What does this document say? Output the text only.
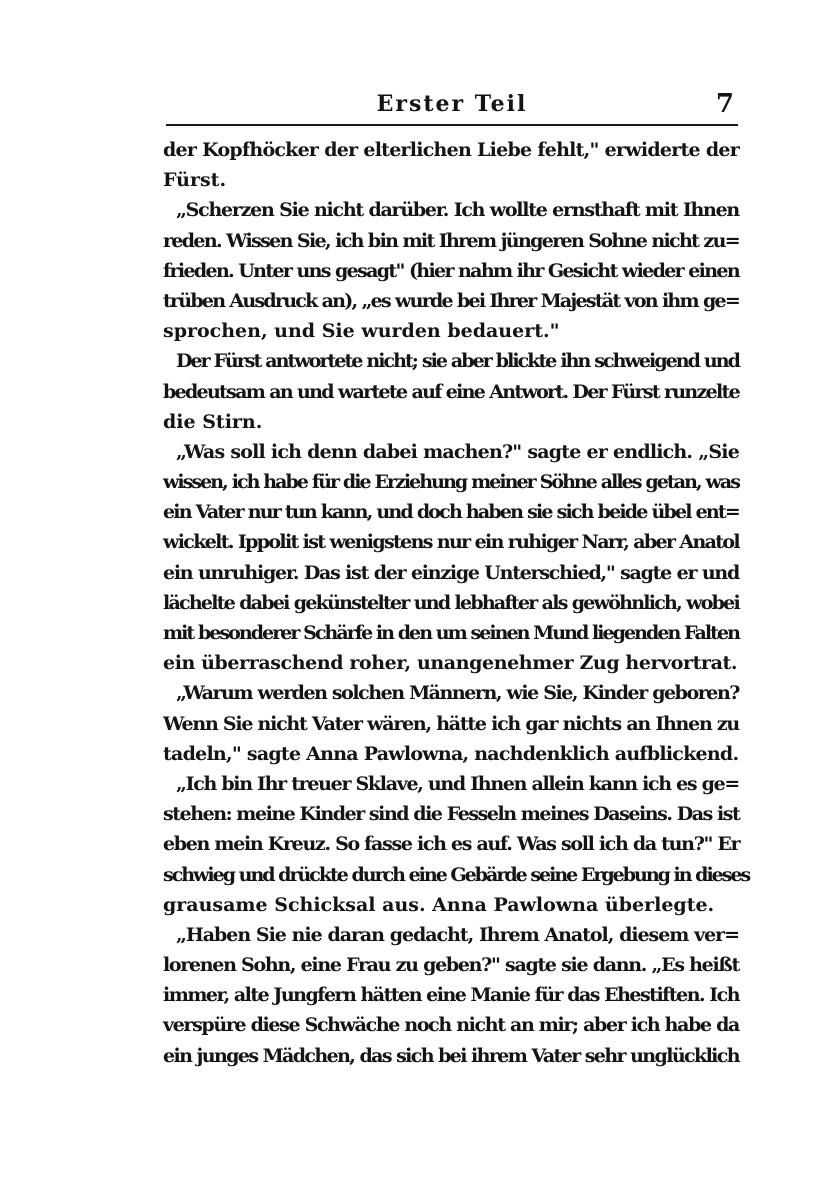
Erster Teil	7
der Kopfhöcker der elterlichen Liebe fehlt," erwiderte der
Fürst.
„Scherzen Sie nicht darüber. Ich wollte ernsthaft mit Ihnen
reden. Wissen Sie, ich bin mit Ihrem jüngeren Sohne nicht zu=
frieden. Unter uns gesagt" (hier nahm ihr Gesicht wieder einen
trüben Ausdruck an), „es wurde bei Ihrer Majestät von ihm ge=
sprochen, und Sie wurden bedauert."
Der Fürst antwortete nicht; sie aber blickte ihn schweigend und
bedeutsam an und wartete auf eine Antwort. Der Fürst runzelte
die Stirn.
„Was soll ich denn dabei machen?" sagte er endlich. „Sie
wissen, ich habe für die Erziehung meiner Söhne alles getan, was
ein Vater nur tun kann, und doch haben sie sich beide übel ent=
wickelt. Ippolit ist wenigstens nur ein ruhiger Narr, aber Anatol
ein unruhiger. Das ist der einzige Unterschied," sagte er und
lächelte dabei gekünstelter und lebhafter als gewöhnlich, wobei
mit besonderer Schärfe in den um seinen Mund liegenden Falten
ein überraschend roher, unangenehmer Zug hervortrat.
„Warum werden solchen Männern, wie Sie, Kinder geboren?
Wenn Sie nicht Vater wären, hätte ich gar nichts an Ihnen zu
tadeln," sagte Anna Pawlowna, nachdenklich aufblickend.
„Ich bin Ihr treuer Sklave, und Ihnen allein kann ich es ge=
stehen: meine Kinder sind die Fesseln meines Daseins. Das ist
eben mein Kreuz. So fasse ich es auf. Was soll ich da tun?" Er
schwieg und drückte durch eine Gebärde seine Ergebung in dieses
grausame Schicksal aus. Anna Pawlowna überlegte.
„Haben Sie nie daran gedacht, Ihrem Anatol, diesem ver=
lorenen Sohn, eine Frau zu geben?" sagte sie dann. „Es heißt
immer, alte Jungfern hätten eine Manie für das Ehestiften. Ich
verspüre diese Schwäche noch nicht an mir; aber ich habe da
ein junges Mädchen, das sich bei ihrem Vater sehr unglücklich
